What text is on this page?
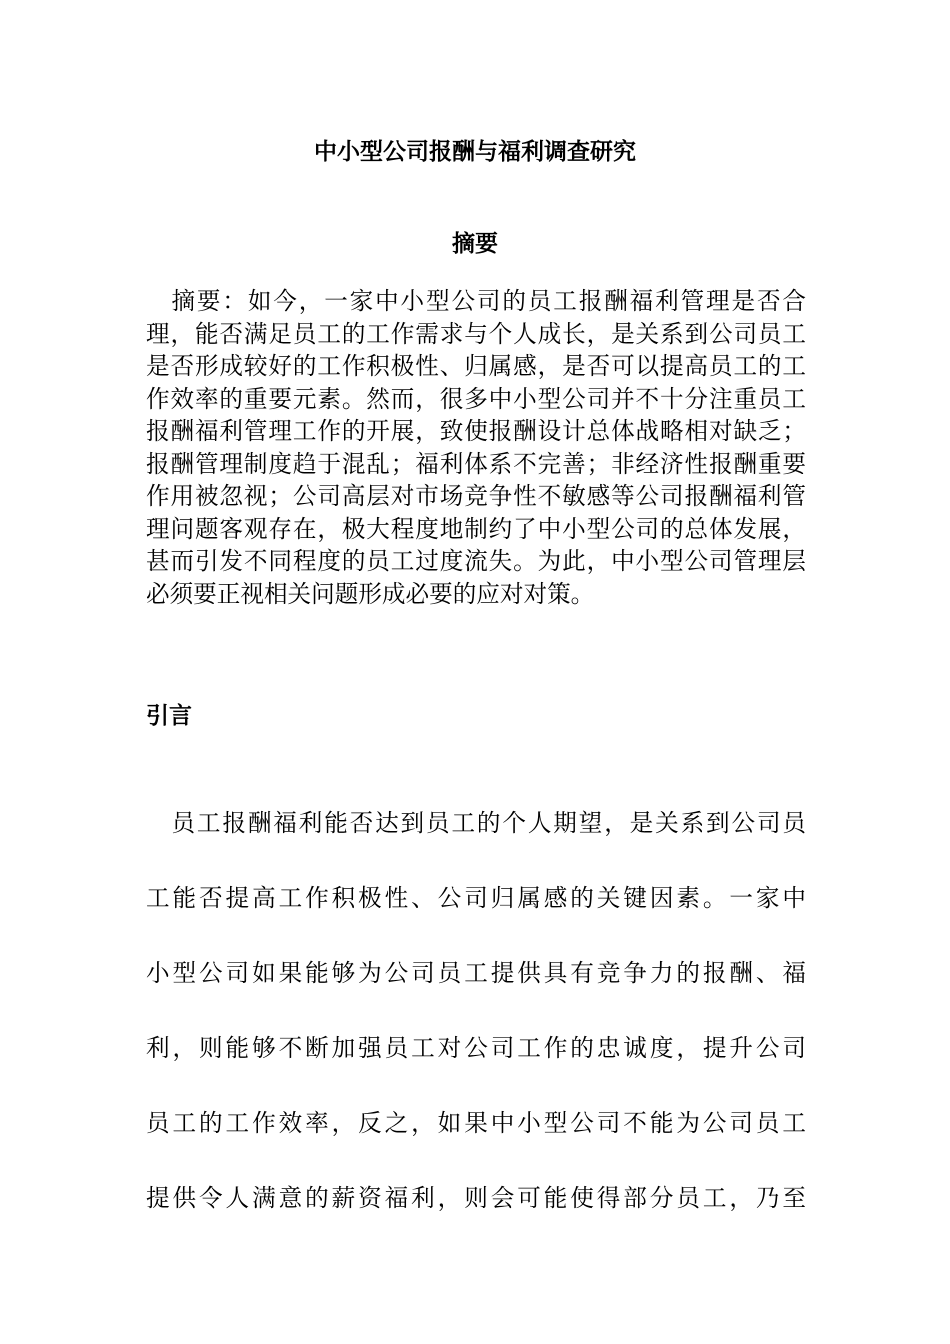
中小型公司报酬与福利调查研究
摘要

　摘要：如今，一家中小型公司的员工报酬福利管理是否合理，能否满足员工的工作需求与个人成长，是关系到公司员工是否形成较好的工作积极性、归属感，是否可以提高员工的工作效率的重要元素。然而，很多中小型公司并不十分注重员工报酬福利管理工作的开展，致使报酬设计总体战略相对缺乏；报酬管理制度趋于混乱；福利体系不完善；非经济性报酬重要作用被忽视；公司高层对市场竞争性不敏感等公司报酬福利管理问题客观存在，极大程度地制约了中小型公司的总体发展，甚而引发不同程度的员工过度流失。为此，中小型公司管理层必须要正视相关问题形成必要的应对对策。

引言
　员工报酬福利能否达到员工的个人期望，是关系到公司员
工能否提高工作积极性、公司归属感的关键因素。一家中
小型公司如果能够为公司员工提供具有竞争力的报酬、福
利，则能够不断加强员工对公司工作的忠诚度，提升公司
员工的工作效率，反之，如果中小型公司不能为公司员工
提供令人满意的薪资福利，则会可能使得部分员工，乃至
